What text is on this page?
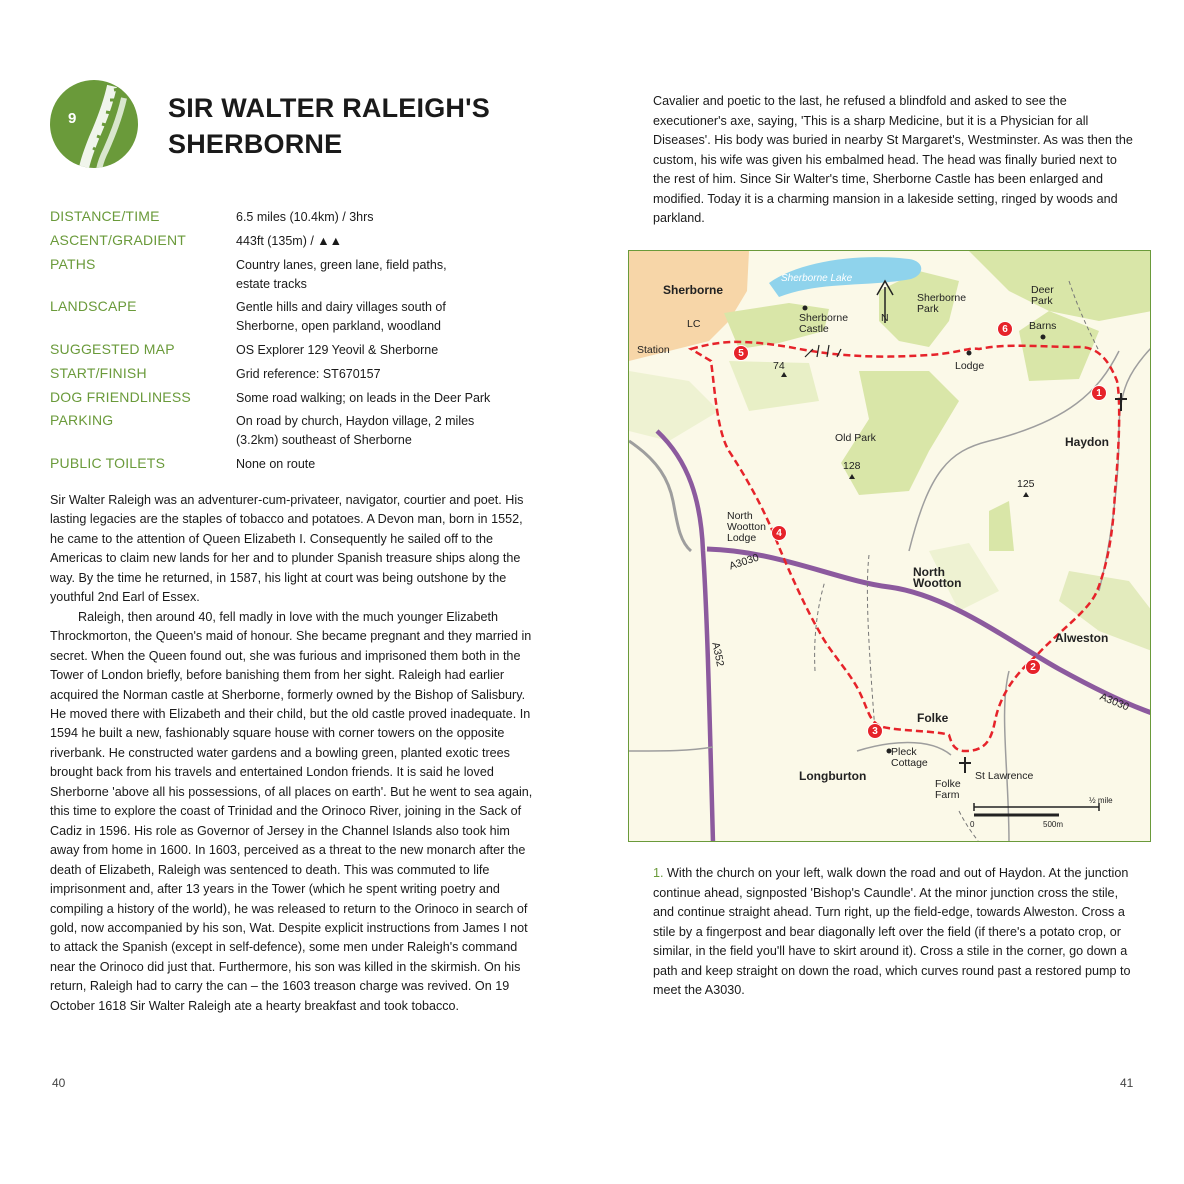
9	SIR WALTER RALEIGH'S
SHERBORNE
DISTANCE/TIME	6.5 miles (10.4km) / 3hrs
ASCENT/GRADIENT	443ft (135m) / ▲▲
PATHS	Country lanes, green lane, field paths, estate tracks
LANDSCAPE	Gentle hills and dairy villages south of Sherborne, open parkland, woodland
SUGGESTED MAP	OS Explorer 129 Yeovil & Sherborne
START/FINISH	Grid reference: ST670157
DOG FRIENDLINESS	Some road walking; on leads in the Deer Park
PARKING	On road by church, Haydon village, 2 miles (3.2km) southeast of Sherborne
PUBLIC TOILETS	None on route

Sir Walter Raleigh was an adventurer-cum-privateer, navigator, courtier and poet. His lasting legacies are the staples of tobacco and potatoes. A Devon man, born in 1552, he came to the attention of Queen Elizabeth I. Consequently he sailed off to the Americas to claim new lands for her and to plunder Spanish treasure ships along the way. By the time he returned, in 1587, his light at court was being outshone by the youthful 2nd Earl of Essex.

Raleigh, then around 40, fell madly in love with the much younger Elizabeth Throckmorton, the Queen's maid of honour. She became pregnant and they married in secret. When the Queen found out, she was furious and imprisoned them both in the Tower of London briefly, before banishing them from her sight. Raleigh had earlier acquired the Norman castle at Sherborne, formerly owned by the Bishop of Salisbury. He moved there with Elizabeth and their child, but the old castle proved inadequate. In 1594 he built a new, fashionably square house with corner towers on the opposite riverbank. He constructed water gardens and a bowling green, planted exotic trees brought back from his travels and entertained London friends. It is said he loved Sherborne 'above all his possessions, of all places on earth'. But he went to sea again, this time to explore the coast of Trinidad and the Orinoco River, joining in the Sack of Cadiz in 1596. His role as Governor of Jersey in the Channel Islands also took him away from home in 1600. In 1603, perceived as a threat to the new monarch after the death of Elizabeth, Raleigh was sentenced to death. This was commuted to life imprisonment and, after 13 years in the Tower (which he spent writing poetry and compiling a history of the world), he was released to return to the Orinoco in search of gold, now accompanied by his son, Wat. Despite explicit instructions from James I not to attack the Spanish (except in self-defence), some men under Raleigh's command near the Orinoco did just that. Furthermore, his son was killed in the skirmish. On his return, Raleigh had to carry the can – the 1603 treason charge was revived. On 19 October 1618 Sir Walter Raleigh ate a hearty breakfast and took tobacco.

40	41
Cavalier and poetic to the last, he refused a blindfold and asked to see the executioner's axe, saying, 'This is a sharp Medicine, but it is a Physician for all Diseases'. His body was buried in nearby St Margaret's, Westminster. As was then the custom, his wife was given his embalmed head. The head was finally buried next to the rest of him. Since Sir Walter's time, Sherborne Castle has been enlarged and modified. Today it is a charming mansion in a lakeside setting, ringed by woods and parkland.
Sherborne Lake
Sherborne
LC
Station
Sherborne Castle
N
Sherborne Park
Deer Park
Barns
Lodge
74
Old Park
128
Haydon
125
North Wootton Lodge
A3030	North Wootton
Alweston
A352
A3030
Folke
Pleck Cottage
Longburton	St Lawrence
Folke Farm
0
½ mile
500m
1
2
3
4
5
6
1. With the church on your left, walk down the road and out of Haydon. At the junction continue ahead, signposted 'Bishop's Caundle'. At the minor junction cross the stile, and continue straight ahead. Turn right, up the field-edge, towards Alweston. Cross a stile by a fingerpost and bear diagonally left over the field (if there's a potato crop, or similar, in the field you'll have to skirt around it). Cross a stile in the corner, go down a path and keep straight on down the road, which curves round past a restored pump to meet the A3030.
